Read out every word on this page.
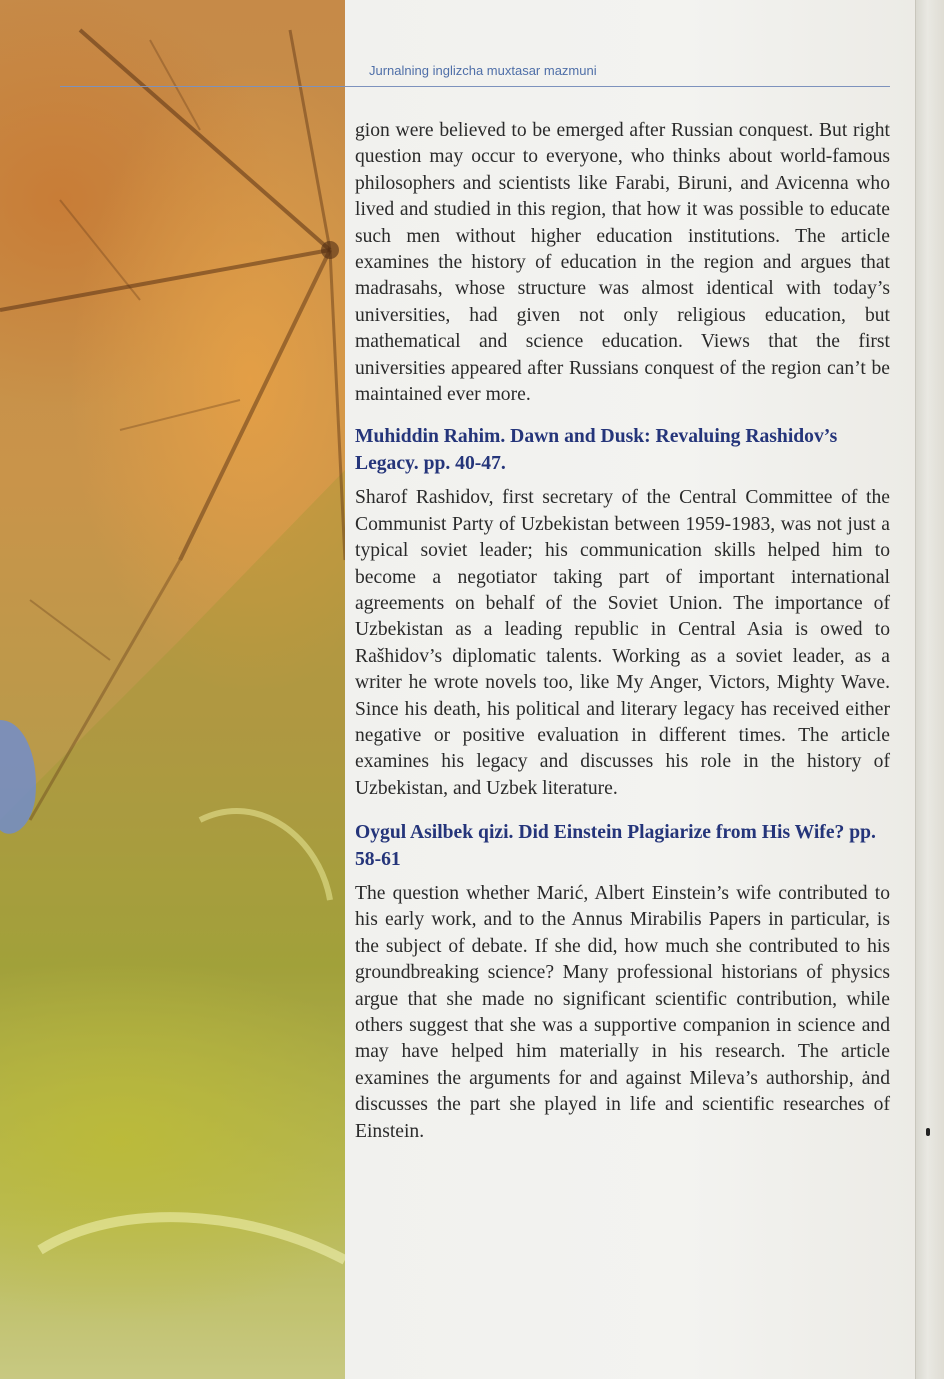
Jurnalning inglizcha muxtasar mazmuni

gion were believed to be emerged after Russian conquest. But right question may occur to everyone, who thinks about world-famous philosophers and scientists like Farabi, Biruni, and Avicenna who lived and studied in this region, that how it was possible to educate such men without higher education institutions. The article examines the history of education in the region and argues that madrasahs, whose structure was almost identical with today’s universities, had given not only religious education, but mathematical and science education. Views that the first universities appeared after Russians conquest of the region can’t be maintained ever more.

Muhiddin Rahim. Dawn and Dusk: Revaluing Rashidov’s Legacy. pp. 40-47.

Sharof Rashidov, first secretary of the Central Committee of the Communist Party of Uzbekistan between 1959-1983, was not just a typical soviet leader; his communication skills helped him to become a negotiator taking part of important international agreements on behalf of the Soviet Union. The importance of Uzbekistan as a leading republic in Central Asia is owed to Rašhidov’s diplomatic talents. Working as a soviet leader, as a writer he wrote novels too, like My Anger, Victors, Mighty Wave. Since his death, his political and literary legacy has received either negative or positive evaluation in different times. The article examines his legacy and discusses his role in the history of Uzbekistan, and Uzbek literature.

Oygul Asilbek qizi. Did Einstein Plagiarize from His Wife? pp. 58-61

The question whether Marić, Albert Einstein’s wife contributed to his early work, and to the Annus Mirabilis Papers in particular, is the subject of debate. If she did, how much she contributed to his groundbreaking science? Many professional historians of physics argue that she made no significant scientific contribution, while others suggest that she was a supportive companion in science and may have helped him materially in his research. The article examines the arguments for and against Mileva’s authorship, ȧnd discusses the part she played in life and scientific researches of Einstein.
